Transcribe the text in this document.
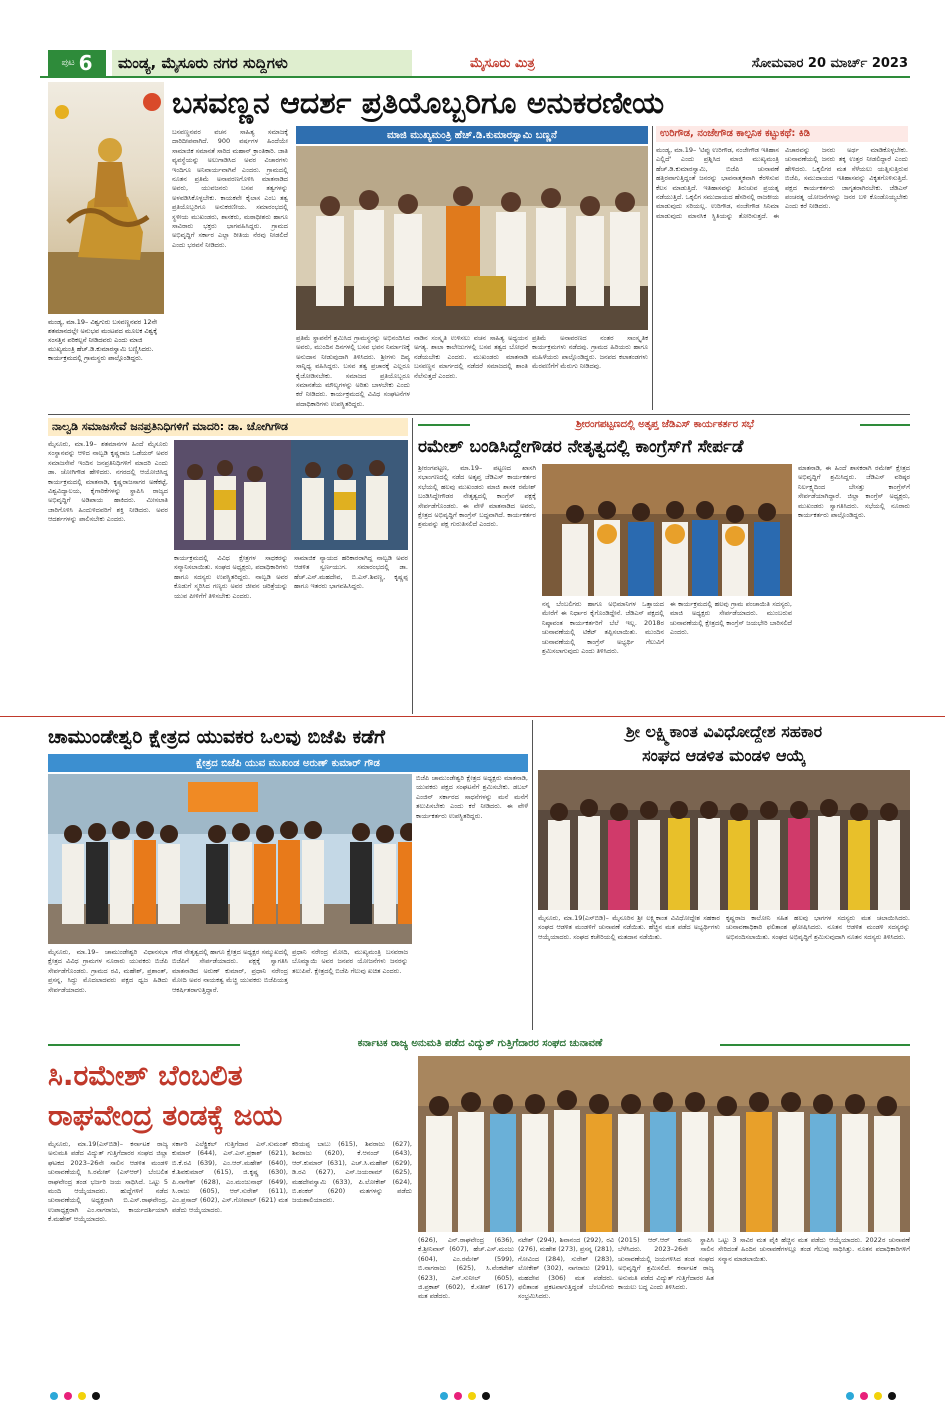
ಪುಟ 6	ಮಂಡ್ಯ, ಮೈಸೂರು ನಗರ ಸುದ್ದಿಗಳು	ಮೈಸೂರು ಮಿತ್ರ	ಸೋಮವಾರ 20 ಮಾರ್ಚ್ 2023
ಮಂಡ್ಯ, ಮಾ.19– ವಿಶ್ವಗುರು ಬಸವಣ್ಣನವರ 12ನೇ ಶತಮಾನದಲ್ಲೇ ಅನುಭವ ಮಂಟಪದ ಮೂಲಕ ವಿಶ್ವಕ್ಕೆ ಸಂಸತ್ತಿನ ಪರಿಕಲ್ಪನೆ ನೀಡಿದವರು ಎಂದು ಮಾಜಿ ಮುಖ್ಯಮಂತ್ರಿ ಹೆಚ್.ಡಿ.ಕುಮಾರಸ್ವಾಮಿ ಬಣ್ಣಿಸಿದರು. ಕಾರ್ಯಕ್ರಮದಲ್ಲಿ ಗ್ರಾಮಸ್ಥರು ಪಾಲ್ಗೊಂಡಿದ್ದರು.
ಬಸವಣ್ಣನ ಆದರ್ಶ ಪ್ರತಿಯೊಬ್ಬರಿಗೂ ಅನುಕರಣೀಯ
ಬಸವಣ್ಣನವರ ವಚನ ಸಾಹಿತ್ಯ ಸಮಾಜಕ್ಕೆ ದಾರಿದೀಪವಾಗಿದೆ. 900 ವರ್ಷಗಳ ಹಿಂದೆಯೇ ಸಾಮಾಜಿಕ ಸಮಾನತೆ ಸಾರಿದ ಮಹಾನ್ ಕ್ರಾಂತಿಕಾರಿ. ಜಾತಿ ವ್ಯವಸ್ಥೆಯನ್ನು ಅಲುಗಾಡಿಸಿದ ಅವರ ವಿಚಾರಗಳು ಇಂದಿಗೂ ಅನಿವಾರ್ಯವಾಗಿವೆ ಎಂದರು. ಗ್ರಾಮದಲ್ಲಿ ನೂತನ ಪ್ರತಿಮೆ ಅನಾವರಣಗೊಳಿಸಿ ಮಾತನಾಡಿದ ಅವರು, ಯುವಜನರು ಬಸವ ತತ್ವಗಳನ್ನು ಅಳವಡಿಸಿಕೊಳ್ಳಬೇಕು. ಕಾಯಕವೇ ಕೈಲಾಸ ಎಂಬ ತತ್ವ ಪ್ರತಿಯೊಬ್ಬರಿಗೂ ಅನುಕರಣೀಯ. ಸಮಾರಂಭದಲ್ಲಿ ಸ್ಥಳೀಯ ಮುಖಂಡರು, ಶಾಸಕರು, ಮಠಾಧೀಶರು ಹಾಗೂ ಸಾವಿರಾರು ಭಕ್ತರು ಭಾಗವಹಿಸಿದ್ದರು. ಗ್ರಾಮದ ಅಭಿವೃದ್ಧಿಗೆ ಸರ್ಕಾರ ಎಲ್ಲಾ ರೀತಿಯ ನೆರವು ನೀಡಲಿದೆ ಎಂದು ಭರವಸೆ ನೀಡಿದರು.
ಮಾಜಿ ಮುಖ್ಯಮಂತ್ರಿ ಹೆಚ್.ಡಿ.ಕುಮಾರಸ್ವಾಮಿ ಬಣ್ಣನೆ
ಪ್ರತಿಮೆ ಸ್ಥಾಪನೆಗೆ ಶ್ರಮಿಸಿದ ಗ್ರಾಮಸ್ಥರನ್ನು ಅಭಿನಂದಿಸಿದ ಅವರು, ಮುಂದಿನ ದಿನಗಳಲ್ಲಿ ಬಸವ ಭವನ ನಿರ್ಮಾಣಕ್ಕೆ ಅನುದಾನ ನೀಡುವುದಾಗಿ ತಿಳಿಸಿದರು. ಶ್ರೀಗಳು ದಿವ್ಯ ಸಾನ್ನಿಧ್ಯ ವಹಿಸಿದ್ದರು. ಬಸವ ತತ್ವ ಪ್ರಚಾರಕ್ಕೆ ಎಲ್ಲರೂ ಕೈಜೋಡಿಸಬೇಕು. ಸಮಾಜದ ಪ್ರತಿಯೊಬ್ಬರೂ ಸಮಾನತೆಯ ಮೌಲ್ಯಗಳನ್ನು ಅರಿತು ಬಾಳಬೇಕು ಎಂದು ಕರೆ ನೀಡಿದರು. ಕಾರ್ಯಕ್ರಮದಲ್ಲಿ ವಿವಿಧ ಸಂಘಟನೆಗಳ ಪದಾಧಿಕಾರಿಗಳು ಉಪಸ್ಥಿತರಿದ್ದರು.
ನಾಡಿನ ಸಂಸ್ಕೃತಿ ಉಳಿಸಲು ವಚನ ಸಾಹಿತ್ಯ ಅಧ್ಯಯನ ಅಗತ್ಯ. ಶಾಲಾ ಕಾಲೇಜುಗಳಲ್ಲಿ ಬಸವ ತತ್ವದ ಬೋಧನೆ ನಡೆಯಬೇಕು ಎಂದರು. ಮುಖಂಡರು ಮಾತನಾಡಿ ಬಸವಣ್ಣನ ಮಾರ್ಗದಲ್ಲಿ ನಡೆದರೆ ಸಮಾಜದಲ್ಲಿ ಶಾಂತಿ ನೆಲೆಸುತ್ತದೆ ಎಂದರು.
ಪ್ರತಿಮೆ ಅನಾವರಣದ ನಂತರ ಸಾಂಸ್ಕೃತಿಕ ಕಾರ್ಯಕ್ರಮಗಳು ನಡೆದವು. ಗ್ರಾಮದ ಹಿರಿಯರು ಹಾಗೂ ಮಹಿಳೆಯರು ಪಾಲ್ಗೊಂಡಿದ್ದರು. ಜನಪದ ಕಲಾತಂಡಗಳು ಮೆರವಣಿಗೆಗೆ ಮೆರುಗು ನೀಡಿದವು.
ಉರಿಗೌಡ, ನಂಜೇಗೌಡ ಕಾಲ್ಪನಿಕ ಕಟ್ಟುಕಥೆ: ಕಿಡಿ
ಮಂಡ್ಯ, ಮಾ.19– 'ಟಿಪ್ಪು ಉರಿಗೌಡ, ನಂಜೇಗೌಡ ಇತಿಹಾಸ ಎಲ್ಲಿದೆ' ಎಂದು ಪ್ರಶ್ನಿಸಿದ ಮಾಜಿ ಮುಖ್ಯಮಂತ್ರಿ ಹೆಚ್.ಡಿ.ಕುಮಾರಸ್ವಾಮಿ, ಬಿಜೆಪಿ ಚುನಾವಣೆ ಹತ್ತಿರವಾಗುತ್ತಿದ್ದಂತೆ ಜನರನ್ನು ಭಾವನಾತ್ಮಕವಾಗಿ ಕೆರಳಿಸುವ ಕೆಲಸ ಮಾಡುತ್ತಿದೆ. ಇತಿಹಾಸವನ್ನು ತಿರುಚುವ ಪ್ರಯತ್ನ ನಡೆಯುತ್ತಿದೆ. ಒಕ್ಕಲಿಗ ಸಮುದಾಯದ ಹೆಸರಿನಲ್ಲಿ ರಾಜಕೀಯ ಮಾಡುವುದು ಸರಿಯಲ್ಲ. ಉರಿಗೌಡ, ನಂಜೇಗೌಡ ಸಿನಿಮಾ ಮಾಡುವುದು ಮಾನಸಿಕ ಸ್ಥಿತಿಯನ್ನು ತೋರಿಸುತ್ತದೆ. ಈ ವಿಚಾರವನ್ನು ಜನರು ಅರ್ಥ ಮಾಡಿಕೊಳ್ಳಬೇಕು. ಚುನಾವಣೆಯಲ್ಲಿ ಜನರು ತಕ್ಕ ಉತ್ತರ ನೀಡಲಿದ್ದಾರೆ ಎಂದು ಹೇಳಿದರು. ಒಕ್ಕಲಿಗರ ಮತ ಸೆಳೆಯಲು ಯತ್ನಿಸುತ್ತಿರುವ ಬಿಜೆಪಿ, ಸಮುದಾಯದ ಇತಿಹಾಸವನ್ನು ವಿಕೃತಗೊಳಿಸುತ್ತಿದೆ. ಪಕ್ಷದ ಕಾರ್ಯಕರ್ತರು ಜಾಗೃತರಾಗಿರಬೇಕು. ಜೆಡಿಎಸ್ ಪಂಚರತ್ನ ಯೋಜನೆಗಳನ್ನು ಜನರ ಬಳಿ ಕೊಂಡೊಯ್ಯಬೇಕು ಎಂದು ಕರೆ ನೀಡಿದರು.
ನಾಲ್ವಡಿ ಸಮಾಜಸೇವೆ ಜನಪ್ರತಿನಿಧಿಗಳಿಗೆ ಮಾದರಿ: ಡಾ. ಚೋಗಿಗೌಡ
ಮೈಸೂರು, ಮಾ.19– ಶತಮಾನಗಳ ಹಿಂದೆ ಮೈಸೂರು ಸಂಸ್ಥಾನವನ್ನು ಆಳಿದ ನಾಲ್ವಡಿ ಕೃಷ್ಣರಾಜ ಒಡೆಯರ್ ಅವರ ಸಮಾಜಸೇವೆ ಇಂದಿನ ಜನಪ್ರತಿನಿಧಿಗಳಿಗೆ ಮಾದರಿ ಎಂದು ಡಾ. ಚೋಗಿಗೌಡ ಹೇಳಿದರು. ನಗರದಲ್ಲಿ ಆಯೋಜಿಸಿದ್ದ ಕಾರ್ಯಕ್ರಮದಲ್ಲಿ ಮಾತನಾಡಿ, ಕೃಷ್ಣರಾಜಸಾಗರ ಅಣೆಕಟ್ಟೆ, ವಿಶ್ವವಿದ್ಯಾಲಯ, ಕೈಗಾರಿಕೆಗಳನ್ನು ಸ್ಥಾಪಿಸಿ ರಾಜ್ಯದ ಅಭಿವೃದ್ಧಿಗೆ ಅಡಿಪಾಯ ಹಾಕಿದರು. ಮೀಸಲಾತಿ ಜಾರಿಗೊಳಿಸಿ ಹಿಂದುಳಿದವರಿಗೆ ಶಕ್ತಿ ನೀಡಿದರು. ಅವರ ಆದರ್ಶಗಳನ್ನು ಪಾಲಿಸಬೇಕು ಎಂದರು.
ಕಾರ್ಯಕ್ರಮದಲ್ಲಿ ವಿವಿಧ ಕ್ಷೇತ್ರಗಳ ಸಾಧಕರನ್ನು ಸನ್ಮಾನಿಸಲಾಯಿತು. ಸಂಘದ ಅಧ್ಯಕ್ಷರು, ಪದಾಧಿಕಾರಿಗಳು ಹಾಗೂ ಸದಸ್ಯರು ಉಪಸ್ಥಿತರಿದ್ದರು. ನಾಲ್ವಡಿ ಅವರ ಕೊಡುಗೆ ಸ್ಮರಿಸಿದ ಗಣ್ಯರು ಅವರ ಜೀವನ ಚರಿತ್ರೆಯನ್ನು ಯುವ ಪೀಳಿಗೆಗೆ ತಿಳಿಸಬೇಕು ಎಂದರು.
ಸಾಮಾಜಿಕ ನ್ಯಾಯದ ಹರಿಕಾರರಾಗಿದ್ದ ನಾಲ್ವಡಿ ಅವರ ಆಡಳಿತ ಸ್ವರ್ಣಯುಗ. ಸಮಾರಂಭದಲ್ಲಿ ಡಾ. ಹೆಚ್.ಎಸ್.ಮಹದೇವ, ಬಿ.ಎಸ್.ಶಿವಣ್ಣ, ಕೃಷ್ಣಪ್ಪ ಹಾಗೂ ಇತರರು ಭಾಗವಹಿಸಿದ್ದರು.
ಶ್ರೀರಂಗಪಟ್ಟಣದಲ್ಲಿ ಅತೃಪ್ತ ಜೆಡಿಎಸ್ ಕಾರ್ಯಕರ್ತರ ಸಭೆ
ರಮೇಶ್ ಬಂಡಿಸಿದ್ದೇಗೌಡರ ನೇತೃತ್ವದಲ್ಲಿ ಕಾಂಗ್ರೆಸ್‌ಗೆ ಸೇರ್ಪಡೆ
ಶ್ರೀರಂಗಪಟ್ಟಣ, ಮಾ.19– ಪಟ್ಟಣದ ಖಾಸಗಿ ಸಭಾಂಗಣದಲ್ಲಿ ನಡೆದ ಅತೃಪ್ತ ಜೆಡಿಎಸ್ ಕಾರ್ಯಕರ್ತರ ಸಭೆಯಲ್ಲಿ ಹಲವು ಮುಖಂಡರು ಮಾಜಿ ಶಾಸಕ ರಮೇಶ್ ಬಂಡಿಸಿದ್ದೇಗೌಡರ ನೇತೃತ್ವದಲ್ಲಿ ಕಾಂಗ್ರೆಸ್ ಪಕ್ಷಕ್ಕೆ ಸೇರ್ಪಡೆಗೊಂಡರು. ಈ ವೇಳೆ ಮಾತನಾಡಿದ ಅವರು, ಕ್ಷೇತ್ರದ ಅಭಿವೃದ್ಧಿಗೆ ಕಾಂಗ್ರೆಸ್ ಬದ್ಧವಾಗಿದೆ. ಕಾರ್ಯಕರ್ತರ ಶ್ರಮವನ್ನು ಪಕ್ಷ ಗುರುತಿಸಲಿದೆ ಎಂದರು.
ನನ್ನ ಬೆಂಬಲಿಗರು ಹಾಗೂ ಅಭಿಮಾನಿಗಳ ಒತ್ತಾಯದ ಮೇರೆಗೆ ಈ ನಿರ್ಧಾರ ಕೈಗೊಂಡಿದ್ದೇನೆ. ಜೆಡಿಎಸ್ ಪಕ್ಷದಲ್ಲಿ ನಿಷ್ಠಾವಂತ ಕಾರ್ಯಕರ್ತರಿಗೆ ಬೆಲೆ ಇಲ್ಲ. 2018ರ ಚುನಾವಣೆಯಲ್ಲಿ ಟಿಕೆಟ್ ತಪ್ಪಿಸಲಾಯಿತು. ಮುಂದಿನ ಚುನಾವಣೆಯಲ್ಲಿ ಕಾಂಗ್ರೆಸ್ ಅಭ್ಯರ್ಥಿ ಗೆಲುವಿಗೆ ಶ್ರಮಿಸಲಾಗುವುದು ಎಂದು ತಿಳಿಸಿದರು.
ಈ ಕಾರ್ಯಕ್ರಮದಲ್ಲಿ ಹಲವು ಗ್ರಾಮ ಪಂಚಾಯಿತಿ ಸದಸ್ಯರು, ಮಾಜಿ ಅಧ್ಯಕ್ಷರು ಸೇರ್ಪಡೆಯಾದರು. ಮುಂಬರುವ ಚುನಾವಣೆಯಲ್ಲಿ ಕ್ಷೇತ್ರದಲ್ಲಿ ಕಾಂಗ್ರೆಸ್ ಜಯಭೇರಿ ಬಾರಿಸಲಿದೆ ಎಂದರು.
ಮಾತನಾಡಿ, ಈ ಹಿಂದೆ ಶಾಸಕರಾಗಿ ರಮೇಶ್ ಕ್ಷೇತ್ರದ ಅಭಿವೃದ್ಧಿಗೆ ಶ್ರಮಿಸಿದ್ದರು. ಜೆಡಿಎಸ್ ವರಿಷ್ಠರ ನಿರ್ಲಕ್ಷ್ಯದಿಂದ ಬೇಸತ್ತು ಕಾಂಗ್ರೆಸ್‌ಗೆ ಸೇರ್ಪಡೆಯಾಗಿದ್ದಾರೆ. ಜಿಲ್ಲಾ ಕಾಂಗ್ರೆಸ್ ಅಧ್ಯಕ್ಷರು, ಮುಖಂಡರು ಸ್ವಾಗತಿಸಿದರು. ಸಭೆಯಲ್ಲಿ ನೂರಾರು ಕಾರ್ಯಕರ್ತರು ಪಾಲ್ಗೊಂಡಿದ್ದರು.
ಚಾಮುಂಡೇಶ್ವರಿ ಕ್ಷೇತ್ರದ ಯುವಕರ ಒಲವು ಬಿಜೆಪಿ ಕಡೆಗೆ
ಕ್ಷೇತ್ರದ ಬಿಜೆಪಿ ಯುವ ಮುಖಂಡ ಅರುಣ್ ಕುಮಾರ್ ಗೌಡ
ಮೈಸೂರು, ಮಾ.19– ಚಾಮುಂಡೇಶ್ವರಿ ವಿಧಾನಸಭಾ ಕ್ಷೇತ್ರದ ವಿವಿಧ ಗ್ರಾಮಗಳ ನೂರಾರು ಯುವಕರು ಬಿಜೆಪಿ ಸೇರ್ಪಡೆಗೊಂಡರು. ಗ್ರಾಮದ ರವಿ, ಮಹೇಶ್, ಪ್ರಶಾಂತ್, ಪ್ರಸನ್ನ, ಸಿದ್ದು ಮೊದಲಾದವರು ಪಕ್ಷದ ಧ್ವಜ ಹಿಡಿದು ಸೇರ್ಪಡೆಯಾದರು.
ಗೌಡ ನೇತೃತ್ವದಲ್ಲಿ ಹಾಗೂ ಕ್ಷೇತ್ರದ ಅಧ್ಯಕ್ಷರ ಸಮ್ಮುಖದಲ್ಲಿ ಬಿಜೆಪಿಗೆ ಸೇರ್ಪಡೆಯಾದರು. ಪಕ್ಷಕ್ಕೆ ಸ್ವಾಗತಿಸಿ ಮಾತನಾಡಿದ ಅರುಣ್ ಕುಮಾರ್, ಪ್ರಧಾನಿ ನರೇಂದ್ರ ಮೋದಿ ಅವರ ನಾಯಕತ್ವ ಮೆಚ್ಚಿ ಯುವಕರು ಬಿಜೆಪಿಯತ್ತ ಆಕರ್ಷಿತರಾಗುತ್ತಿದ್ದಾರೆ.
ಪ್ರಧಾನಿ ನರೇಂದ್ರ ಮೋದಿ, ಮುಖ್ಯಮಂತ್ರಿ ಬಸವರಾಜ ಬೊಮ್ಮಾಯಿ ಅವರ ಜನಪರ ಯೋಜನೆಗಳು ಜನರನ್ನು ತಲುಪಿವೆ. ಕ್ಷೇತ್ರದಲ್ಲಿ ಬಿಜೆಪಿ ಗೆಲುವು ಖಚಿತ ಎಂದರು.
ಬಿಜೆಪಿ ಚಾಮುಂಡೇಶ್ವರಿ ಕ್ಷೇತ್ರದ ಅಧ್ಯಕ್ಷರು ಮಾತನಾಡಿ, ಯುವಕರು ಪಕ್ಷದ ಸಂಘಟನೆಗೆ ಶ್ರಮಿಸಬೇಕು. ಡಬಲ್ ಎಂಜಿನ್ ಸರ್ಕಾರದ ಸಾಧನೆಗಳನ್ನು ಮನೆ ಮನೆಗೆ ತಲುಪಿಸಬೇಕು ಎಂದು ಕರೆ ನೀಡಿದರು. ಈ ವೇಳೆ ಕಾರ್ಯಕರ್ತರು ಉಪಸ್ಥಿತರಿದ್ದರು.
ಶ್ರೀ ಲಕ್ಷ್ಮಿಕಾಂತ ವಿವಿಧೋದ್ದೇಶ ಸಹಕಾರ
ಸಂಘದ ಆಡಳಿತ ಮಂಡಳಿ ಆಯ್ಕೆ
ಮೈಸೂರು, ಮಾ.19(ಎಸ್‌ಬಿಡಿ)– ಮೈಸೂರಿನ ಶ್ರೀ ಲಕ್ಷ್ಮಿಕಾಂತ ವಿವಿಧೋದ್ದೇಶ ಸಹಕಾರ ಸಂಘದ ಆಡಳಿತ ಮಂಡಳಿಗೆ ಚುನಾವಣೆ ನಡೆಯಿತು. ಹೆಚ್ಚಿನ ಮತ ಪಡೆದ ಅಭ್ಯರ್ಥಿಗಳು ಆಯ್ಕೆಯಾದರು. ಸಂಘದ ಕಚೇರಿಯಲ್ಲಿ ಮತದಾನ ನಡೆಯಿತು.
ಕೃಷ್ಣರಾಜ ಕಾಲೋನಿ ಸಹಿತ ಹಲವು ಭಾಗಗಳ ಸದಸ್ಯರು ಮತ ಚಲಾಯಿಸಿದರು. ಚುನಾವಣಾಧಿಕಾರಿ ಫಲಿತಾಂಶ ಘೋಷಿಸಿದರು. ನೂತನ ಆಡಳಿತ ಮಂಡಳಿ ಸದಸ್ಯರನ್ನು ಅಭಿನಂದಿಸಲಾಯಿತು. ಸಂಘದ ಅಭಿವೃದ್ಧಿಗೆ ಶ್ರಮಿಸುವುದಾಗಿ ನೂತನ ಸದಸ್ಯರು ತಿಳಿಸಿದರು.
ಕರ್ನಾಟಕ ರಾಜ್ಯ ಅನುಮತಿ ಪಡೆದ ವಿದ್ಯುತ್ ಗುತ್ತಿಗೆದಾರರ ಸಂಘದ ಚುನಾವಣೆ
ಸಿ.ರಮೇಶ್ ಬೆಂಬಲಿತ
ರಾಘವೇಂದ್ರ ತಂಡಕ್ಕೆ ಜಯ
ಮೈಸೂರು, ಮಾ.19(ಎಸ್‌ಬಿಡಿ)– ಕರ್ನಾಟಕ ರಾಜ್ಯ ಅನುಮತಿ ಪಡೆದ ವಿದ್ಯುತ್ ಗುತ್ತಿಗೆದಾರರ ಸಂಘದ ಜಿಲ್ಲಾ ಘಟಕದ 2023–26ನೇ ಸಾಲಿನ ಆಡಳಿತ ಮಂಡಳಿ ಚುನಾವಣೆಯಲ್ಲಿ ಸಿ.ರಮೇಶ್ (ಎಸ್‌ಆರ್) ಬೆಂಬಲಿತ ರಾಘವೇಂದ್ರ ತಂಡ ಭರ್ಜರಿ ಜಯ ಸಾಧಿಸಿದೆ. ಒಟ್ಟು 5 ಮಂದಿ ಆಯ್ಕೆಯಾದರು. ಹುದ್ದೆಗಳಿಗೆ ನಡೆದ ಚುನಾವಣೆಯಲ್ಲಿ ಅಧ್ಯಕ್ಷರಾಗಿ ಬಿ.ಎಸ್.ರಾಘವೇಂದ್ರ, ಉಪಾಧ್ಯಕ್ಷರಾಗಿ ಎಂ.ನಾಗರಾಜು, ಕಾರ್ಯದರ್ಶಿಯಾಗಿ ಕೆ.ಮಹೇಶ್ ಆಯ್ಕೆಯಾದರು.
ಸರ್ಕಾರಿ ಎಲೆಕ್ಟ್ರಿಕಲ್ ಗುತ್ತಿಗೆದಾರ ಎಸ್.ಸುಮಂತ್ ಕುಮಾರ್ (644), ಎಸ್.ಎಸ್.ಪ್ರಕಾಶ್ (621), ಬಿ.ಕೆ.ರವಿ (639), ಎಂ.ಆರ್.ಮಹೇಶ್ (640), ಕೆ.ಶಿವಕುಮಾರ್ (615), ಜಿ.ಕೃಷ್ಣ (630), ಪಿ.ನಾಗೇಶ್ (628), ಎಂ.ಮಂಜುನಾಥ್ (649), ಸಿ.ರಾಜು (605), ಆರ್.ಸುರೇಶ್ (611), ಎಂ.ಪ್ರಸಾದ್ (602), ಎಸ್.ಗೋಪಾಲ್ (621) ಮತ ಪಡೆದು ಆಯ್ಕೆಯಾದರು.
ಕರಿಯಪ್ಪ ಬಾಬು (615), ಶಿವರಾಜು (627), ಶಿವರಾಜು (620), ಕೆ.ಆನಂದ್ (643), ಆರ್.ಕುಮಾರ್ (631), ಎಚ್.ಸಿ.ಮಹೇಶ್ (629), ಡಿ.ರವಿ (627), ಎಸ್.ಜಯರಾಮ್ (625), ಮಹದೇವಸ್ವಾಮಿ (633), ಪಿ.ಲೋಕೇಶ್ (624), ಬಿ.ಶಂಕರ್ (620) ಮತಗಳನ್ನು ಪಡೆದು ಜಯಶಾಲಿಯಾದರು.
(626), ಎನ್.ರಾಘವೇಂದ್ರ (636), ಕೆ.ಶ್ರೀನಿವಾಸ್ (607), ಹೆಚ್.ಎಸ್.ಮಂಜು (604), ಎಂ.ರಮೇಶ್ (599), ಬಿ.ನಾಗರಾಜು (625), ಸಿ.ವೆಂಕಟೇಶ್ (623), ಎಸ್.ಸುನೀಲ್ (605), ಜಿ.ಪ್ರಕಾಶ್ (602), ಕೆ.ಸತೀಶ್ (617) ಮತ ಪಡೆದರು.
ನಟೇಶ್ (294), ಶಿವಾನಂದ (292), ರವಿ (276), ಮಹೇಶ (273), ಪ್ರಸನ್ನ (281), ಗೋವಿಂದ (284), ಸುರೇಶ್ (283), ಲೋಕೇಶ್ (302), ನಾಗರಾಜು (291), ಮಹದೇವ (306) ಮತ ಪಡೆದರು. ಫಲಿತಾಂಶ ಪ್ರಕಟವಾಗುತ್ತಿದ್ದಂತೆ ಬೆಂಬಲಿಗರು ಸಂಭ್ರಮಿಸಿದರು.
(2015) ಆರ್.ಆರ್ ಕಂಪನಿ ಸ್ಥಾಪಿಸಿ ಬೆಳೆಸಿದರು. 2023–26ನೇ ಸಾಲಿನ ಚುನಾವಣೆಯಲ್ಲಿ ಜಯಗಳಿಸಿದ ತಂಡ ಸಂಘದ ಅಭಿವೃದ್ಧಿಗೆ ಶ್ರಮಿಸಲಿದೆ. ಕರ್ನಾಟಕ ರಾಜ್ಯ ಅನುಮತಿ ಪಡೆದ ವಿದ್ಯುತ್ ಗುತ್ತಿಗೆದಾರರ ಹಿತ ಕಾಯಲು ಬದ್ಧ ಎಂದು ತಿಳಿಸಿದರು.
ಒಟ್ಟು 3 ಸಾವಿರ ಮತ ಪೈಕಿ ಹೆಚ್ಚಿನ ಮತ ಪಡೆದು ಆಯ್ಕೆಯಾದರು. 2022ರ ಚುನಾವಣೆ ಸೇರಿದಂತೆ ಹಿಂದಿನ ಚುನಾವಣೆಗಳಲ್ಲೂ ತಂಡ ಗೆಲುವು ಸಾಧಿಸಿತ್ತು. ನೂತನ ಪದಾಧಿಕಾರಿಗಳಿಗೆ ಸನ್ಮಾನ ಮಾಡಲಾಯಿತು.
